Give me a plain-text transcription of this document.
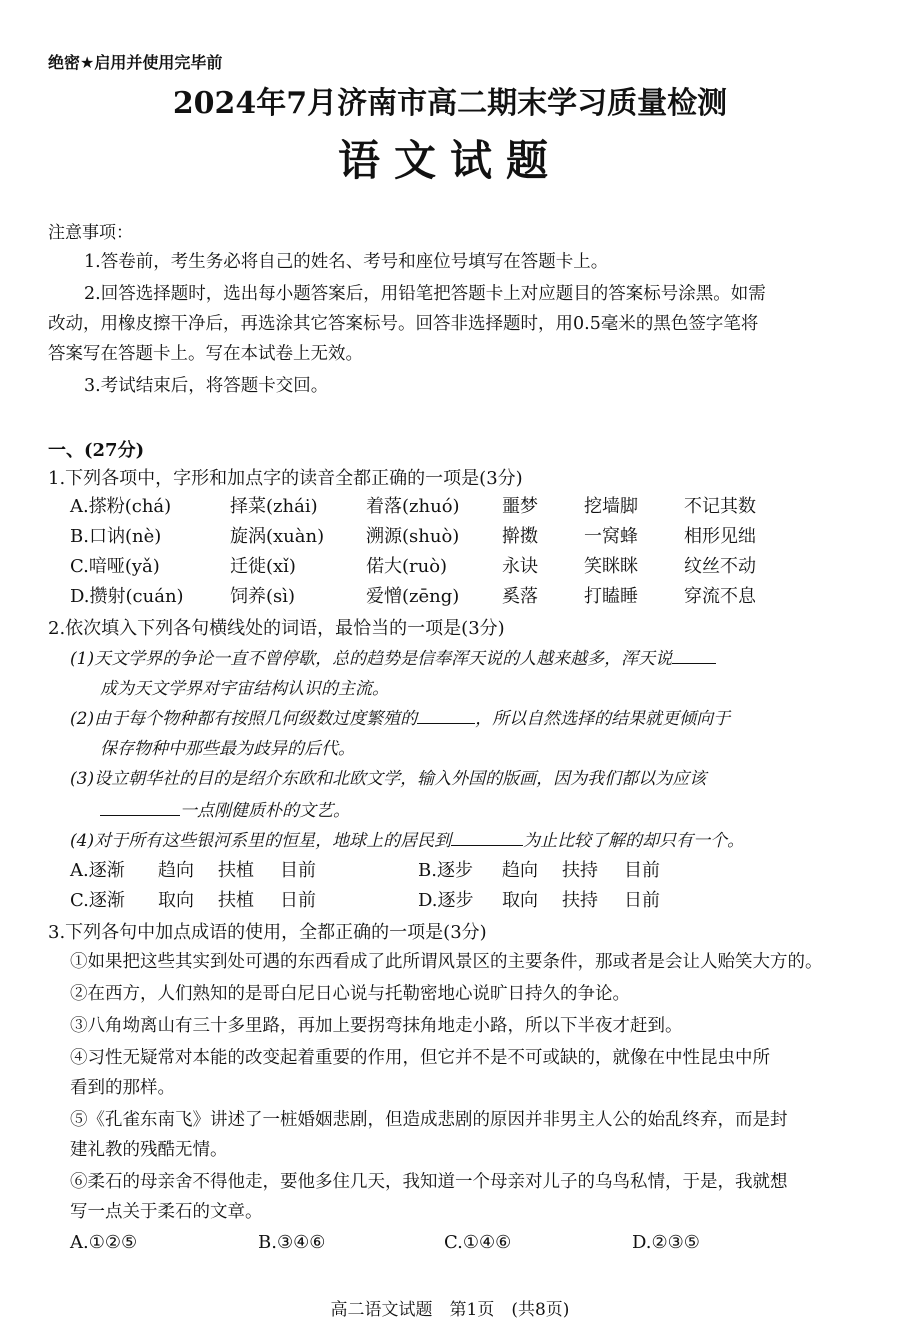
绝密★启用并使用完毕前
2024年7月济南市高二期末学习质量检测
语文试题
注意事项：
1.答卷前，考生务必将自己的姓名、考号和座位号填写在答题卡上。
2.回答选择题时，选出每小题答案后，用铅笔把答题卡上对应题目的答案标号涂黑。如需
改动，用橡皮擦干净后，再选涂其它答案标号。回答非选择题时，用0.5毫米的黑色签字笔将
答案写在答题卡上。写在本试卷上无效。
3.考试结束后，将答题卡交回。
一、(27分)
1.下列各项中，字形和加点字的读音全都正确的一项是(3分)
A.搽粉(chá)	择菜(zhái)	着落(zhuó) 噩梦	挖墙脚	不记其数
B.口讷(nè)	旋涡(xuàn) 溯源(shuò) 擀擞	一窝蜂	相形见绌
C.喑哑(yǎ)	迁徙(xǐ)	偌大(ruò)	永诀	笑眯眯	纹丝不动
D.攒射(cuán)	饲养(sì)	爱憎(zēng) 奚落	打瞌睡	穿流不息
2.依次填入下列各句横线处的词语，最恰当的一项是(3分)
(1)天文学界的争论一直不曾停歇，总的趋势是信奉浑天说的人越来越多，浑天说
成为天文学界对宇宙结构认识的主流。
(2)由于每个物种都有按照几何级数过度繁殖的	，所以自然选择的结果就更倾向于
保存物种中那些最为歧异的后代。
(3)设立朝华社的目的是绍介东欧和北欧文学，输入外国的版画，因为我们都以为应该
一点刚健质朴的文艺。
(4)对于所有这些银河系里的恒星，地球上的居民到	为止比较了解的却只有一个。
A.逐渐 趋向 扶植 目前	B.逐步 趋向 扶持 目前
C.逐渐 取向 扶植 日前	D.逐步 取向 扶持 日前
3.下列各句中加点成语的使用，全都正确的一项是(3分)
①如果把这些其实到处可遇的东西看成了此所谓风景区的主要条件，那或者是会让人贻笑大方的。
②在西方，人们熟知的是哥白尼日心说与托勒密地心说旷日持久的争论。
③八角坳离山有三十多里路，再加上要拐弯抹角地走小路，所以下半夜才赶到。
④习性无疑常对本能的改变起着重要的作用，但它并不是不可或缺的，就像在中性昆虫中所
看到的那样。
⑤《孔雀东南飞》讲述了一桩婚姻悲剧，但造成悲剧的原因并非男主人公的始乱终弃，而是封
建礼教的残酷无情。
⑥柔石的母亲舍不得他走，要他多住几天，我知道一个母亲对儿子的乌鸟私情，于是，我就想
写一点关于柔石的文章。
A.①②⑤	B.③④⑥	C.①④⑥	D.②③⑤
高二语文试题　第1页　(共8页)
